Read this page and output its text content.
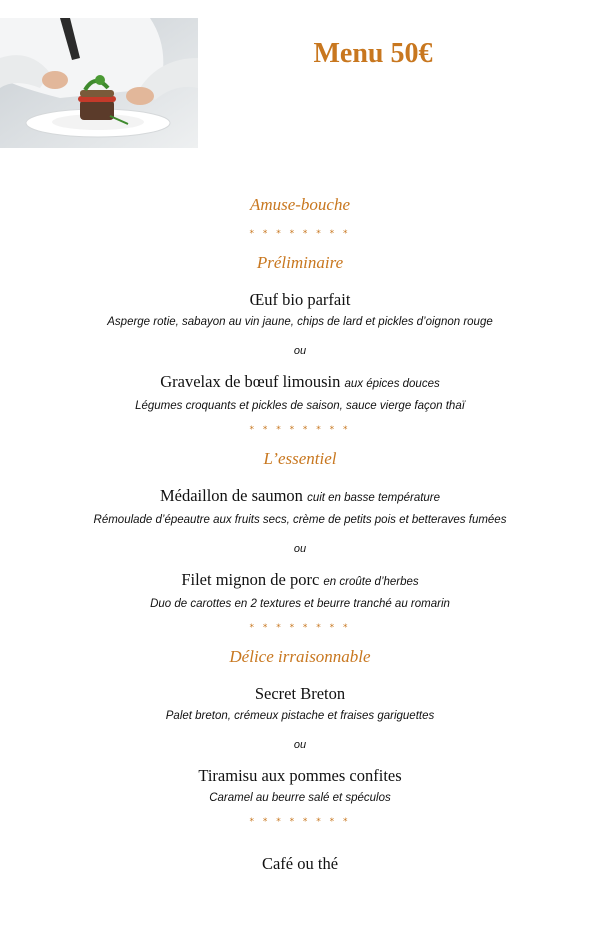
Menu 50€
Amuse-bouche
* * * * * * * *
Préliminaire
Œuf bio parfait
Asperge rotie, sabayon au vin jaune, chips de lard et pickles d’oignon rouge
ou
Gravelax de bœuf limousin aux épices douces
Légumes croquants et pickles de saison, sauce vierge façon thaï
* * * * * * * *
L’essentiel
Médaillon de saumon cuit en basse température
Rémoulade d’épeautre aux fruits secs, crème de petits pois et betteraves fumées
ou
Filet mignon de porc en croûte d’herbes
Duo de carottes en 2 textures et beurre tranché au romarin
* * * * * * * *
Délice irraisonnable
Secret Breton
Palet breton, crémeux pistache et fraises gariguettes
ou
Tiramisu aux pommes confites
Caramel au beurre salé et spéculos
* * * * * * * *
Café ou thé
